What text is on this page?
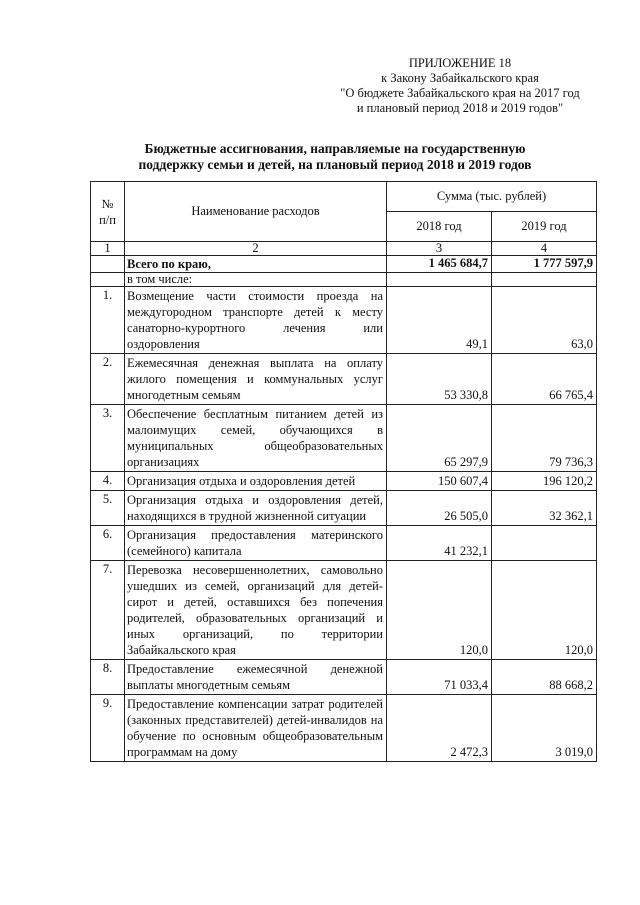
ПРИЛОЖЕНИЕ 18
к Закону Забайкальского края
"О бюджете Забайкальского края на 2017 год
и плановый период 2018 и 2019 годов"
Бюджетные ассигнования, направляемые на государственную
поддержку семьи и детей, на плановый период 2018 и 2019 годов
№ п/п	Наименование расходов	Сумма (тыс. рублей)	
		2018 год	2019 год
1	2	3	4
	Всего по краю,	1 465 684,7	1 777 597,9
	в том числе:		
1.	Возмещение части стоимости проезда на междугородном транспорте детей к месту санаторно-курортного лечения или оздоровления	49,1	63,0
2.	Ежемесячная денежная выплата на оплату жилого помещения и коммунальных услуг многодетным семьям	53 330,8	66 765,4
3.	Обеспечение бесплатным питанием детей из малоимущих семей, обучающихся в муниципальных общеобразовательных организациях	65 297,9	79 736,3
4.	Организация отдыха и оздоровления детей	150 607,4	196 120,2
5.	Организация отдыха и оздоровления детей, находящихся в трудной жизненной ситуации	26 505,0	32 362,1
6.	Организация предоставления материнского (семейного) капитала	41 232,1	
7.	Перевозка несовершеннолетних, самовольно ушедших из семей, организаций для детей-сирот и детей, оставшихся без попечения родителей, образовательных организаций и иных организаций, по территории Забайкальского края	120,0	120,0
8.	Предоставление ежемесячной денежной выплаты многодетным семьям	71 033,4	88 668,2
9.	Предоставление компенсации затрат родителей (законных представителей) детей-инвалидов на обучение по основным общеобразовательным программам на дому	2 472,3	3 019,0
